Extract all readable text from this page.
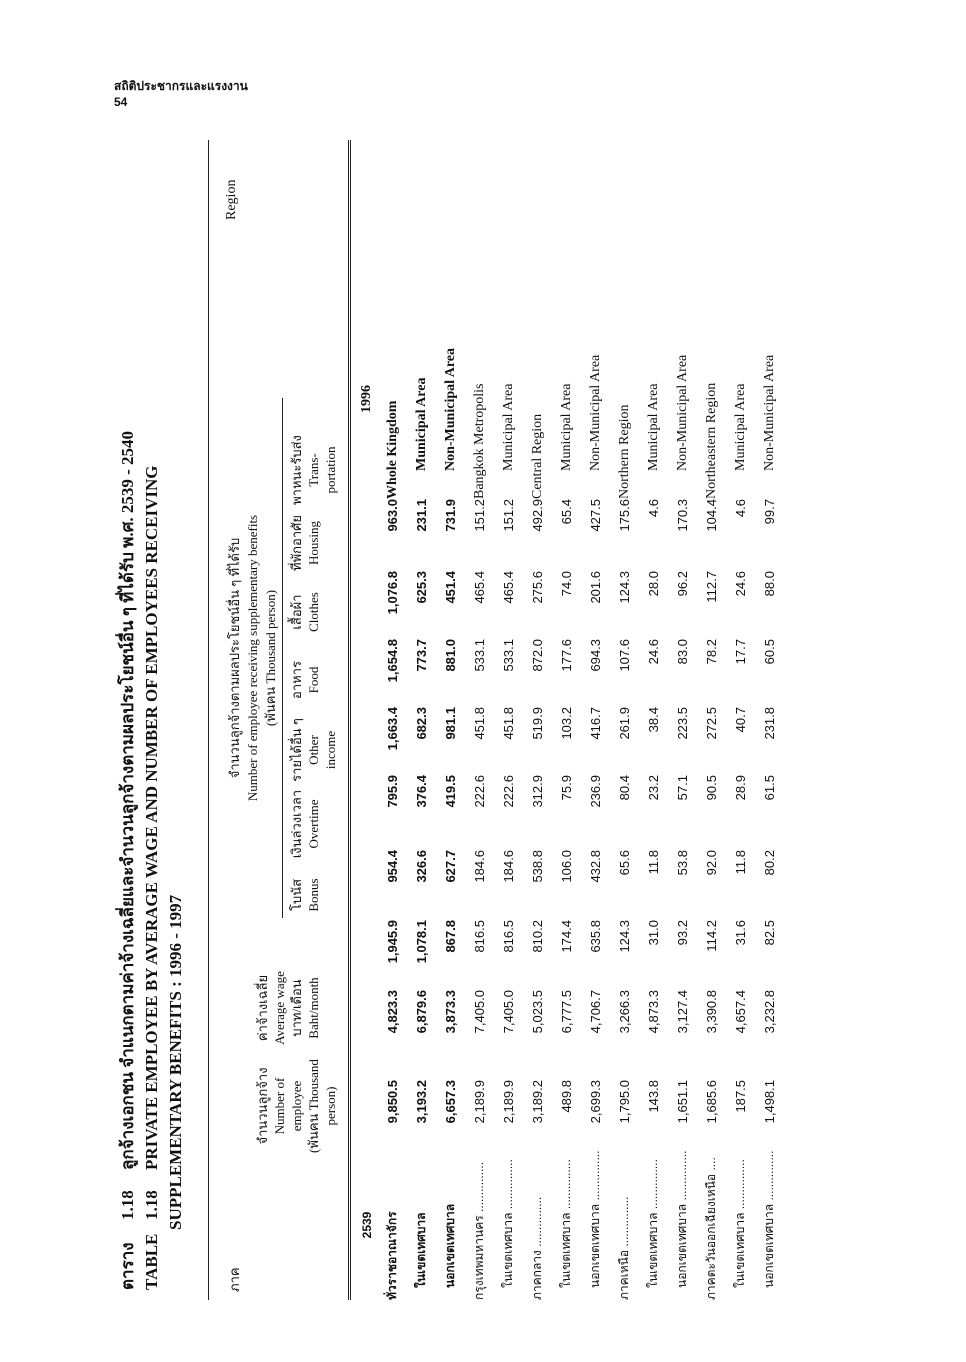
สถิติประชากรและแรงงาน
54
ตาราง1.18ลูกจ้างเอกชน จำแนกตามค่าจ้างเฉลี่ยและจำนวนลูกจ้างตามผลประโยชน์อื่น ๆ ที่ได้รับ พ.ศ. 2539 - 2540
TABLE1.18PRIVATE EMPLOYEE BY AVERAGE WAGE AND NUMBER OF EMPLOYEES RECEIVING SUPPLEMENTARY BENEFITS : 1996 - 1997
ภาค
Region
จำนวนลูกจ้างตามผลประโยชน์อื่น ๆ ที่ได้รับ Number of employee receiving supplementary benefits (พันคน Thousand person)
จำนวนลูกจ้าง Number of employee (พันคน Thousand person)
ค่าจ้างเฉลี่ย Average wage บาท/เดือน Baht/month
โบนัส Bonus
เงินล่วงเวลา Overtime
รายได้อื่น ๆ Other income
อาหาร Food
เสื้อผ้า Clothes
ที่พักอาศัย Housing
พาหนะรับส่ง Trans- portation
2539										1996
ทั่วราชอาณาจักร	9,850.5	4,823.3	1,945.9	954.4	795.9	1,663.4	1,654.8	1,076.8	963.0	Whole Kingdom
ในเขตเทศบาล	3,193.2	6,879.6	1,078.1	326.6	376.4	682.3	773.7	625.3	231.1	Municipal Area
นอกเขตเทศบาล	6,657.3	3,873.3	867.8	627.7	419.5	981.1	881.0	451.4	731.9	Non-Municipal Area
กรุงเทพมหานคร ...............	2,189.9	7,405.0	816.5	184.6	222.6	451.8	533.1	465.4	151.2	Bangkok Metropolis
ในเขตเทศบาล ...............	2,189.9	7,405.0	816.5	184.6	222.6	451.8	533.1	465.4	151.2	Municipal Area
ภาคกลาง ...............	3,189.2	5,023.5	810.2	538.8	312.9	519.9	872.0	275.6	492.9	Central Region
ในเขตเทศบาล ...............	489.8	6,777.5	174.4	106.0	75.9	103.2	177.6	74.0	65.4	Municipal Area
นอกเขตเทศบาล ...............	2,699.3	4,706.7	635.8	432.8	236.9	416.7	694.3	201.6	427.5	Non-Municipal Area
ภาคเหนือ ...............	1,795.0	3,266.3	124.3	65.6	80.4	261.9	107.6	124.3	175.6	Northern Region
ในเขตเทศบาล ...............	143.8	4,873.3	31.0	11.8	23.2	38.4	24.6	28.0	4.6	Municipal Area
นอกเขตเทศบาล ...............	1,651.1	3,127.4	93.2	53.8	57.1	223.5	83.0	96.2	170.3	Non-Municipal Area
ภาคตะวันออกเฉียงเหนือ ....	1,685.6	3,390.8	114.2	92.0	90.5	272.5	78.2	112.7	104.4	Northeastern Region
ในเขตเทศบาล ...............	187.5	4,657.4	31.6	11.8	28.9	40.7	17.7	24.6	4.6	Municipal Area
นอกเขตเทศบาล ...............	1,498.1	3,232.8	82.5	80.2	61.5	231.8	60.5	88.0	99.7	Non-Municipal Area
